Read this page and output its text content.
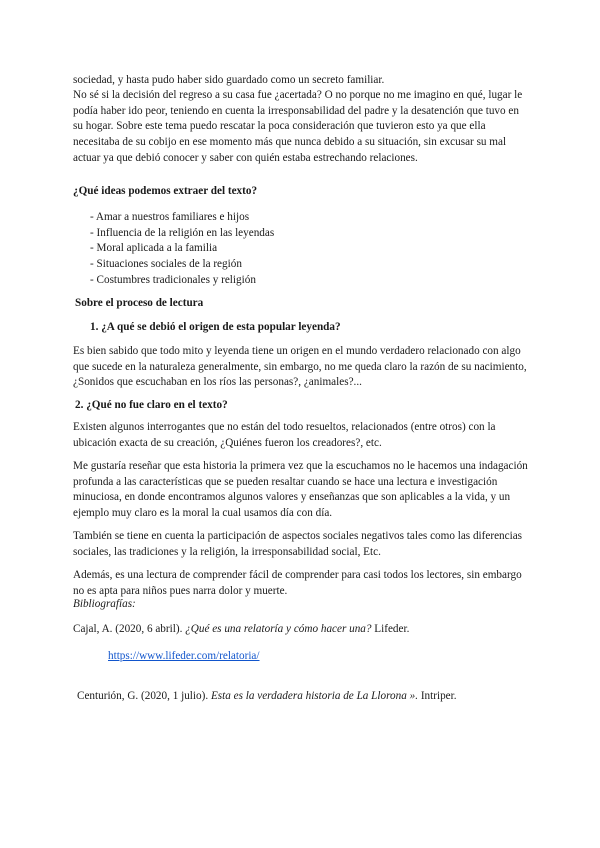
sociedad, y hasta pudo haber sido guardado como un secreto familiar.

No sé si la decisión del regreso a su casa fue ¿acertada? O no porque no me imagino en qué, lugar le podía haber ido peor, teniendo en cuenta la irresponsabilidad del padre y la desatención que tuvo en su hogar. Sobre este tema puedo rescatar la poca consideración que tuvieron esto ya que ella necesitaba de su cobijo en ese momento más que nunca debido a su situación, sin excusar su mal actuar ya que debió conocer y saber con quién estaba estrechando relaciones.

¿Qué ideas podemos extraer del texto?

- Amar a nuestros familiares e hijos
- Influencia de la religión en las leyendas
- Moral aplicada a la familia
- Situaciones sociales de la región
- Costumbres tradicionales y religión

Sobre el proceso de lectura

1. ¿A qué se debió el origen de esta popular leyenda?

Es bien sabido que todo mito y leyenda tiene un origen en el mundo verdadero relacionado con algo que sucede en la naturaleza generalmente, sin embargo, no me queda claro la razón de su nacimiento, ¿Sonidos que escuchaban en los ríos las personas?, ¿animales?...

2. ¿Qué no fue claro en el texto?

Existen algunos interrogantes que no están del todo resueltos, relacionados (entre otros) con la ubicación exacta de su creación, ¿Quiénes fueron los creadores?, etc.

Me gustaría reseñar que esta historia la primera vez que la escuchamos no le hacemos una indagación profunda a las características que se pueden resaltar cuando se hace una lectura e investigación minuciosa, en donde encontramos algunos valores y enseñanzas que son aplicables a la vida, y un ejemplo muy claro es la moral la cual usamos día con día.

También se tiene en cuenta la participación de aspectos sociales negativos tales como las diferencias sociales, las tradiciones y la religión, la irresponsabilidad social, Etc.

Además, es una lectura de comprender fácil de comprender para casi todos los lectores, sin embargo no es apta para niños pues narra dolor y muerte.

Bibliografías:

Cajal, A. (2020, 6 abril). ¿Qué es una relatoría y cómo hacer una? Lifeder.

https://www.lifeder.com/relatoria/

Centurión, G. (2020, 1 julio). Esta es la verdadera historia de La Llorona ». Intriper.
